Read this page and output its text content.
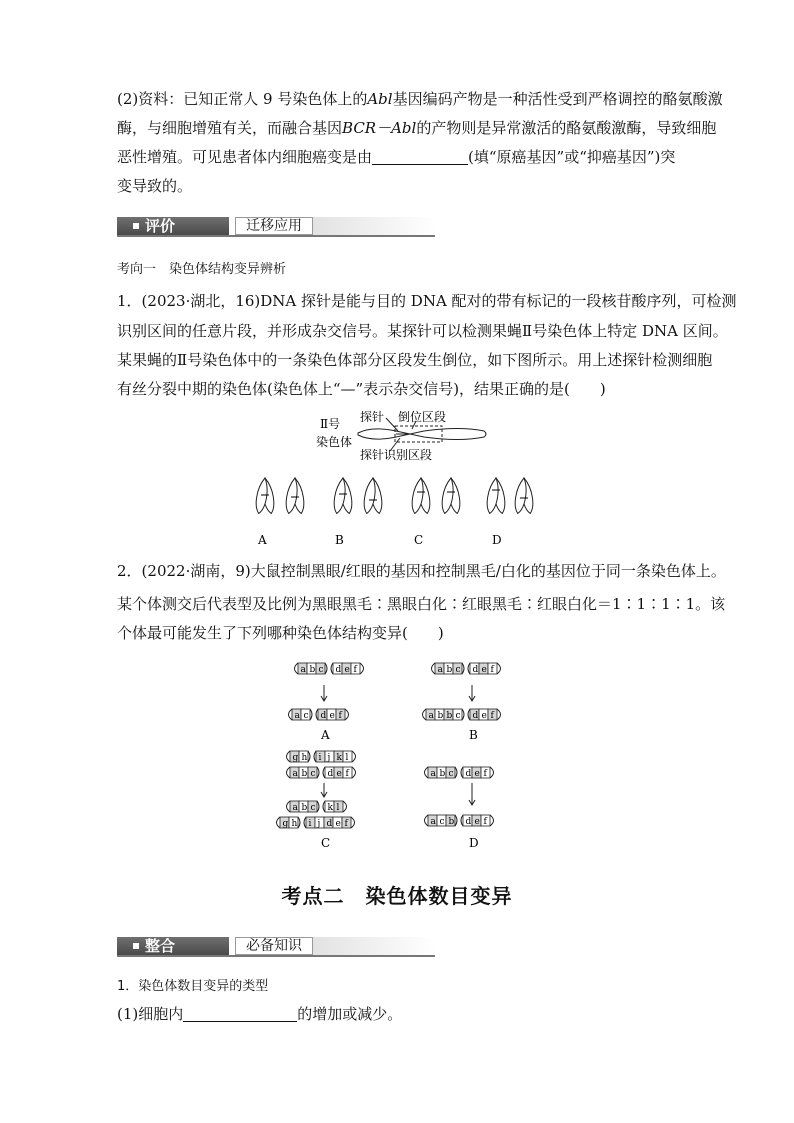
(2)资料：已知正常人 9 号染色体上的Abl基因编码产物是一种活性受到严格调控的酪氨酸激
酶，与细胞增殖有关，而融合基因BCR－Abl的产物则是异常激活的酪氨酸激酶，导致细胞
恶性增殖。可见患者体内细胞癌变是由	(填“原癌基因”或“抑癌基因”)突
变导致的。
评价	迁移应用
考向一　染色体结构变异辨析
1．(2023·湖北，16)DNA 探针是能与目的 DNA 配对的带有标记的一段核苷酸序列，可检测
识别区间的任意片段，并形成杂交信号。某探针可以检测果蝇Ⅱ号染色体上特定 DNA 区间。
某果蝇的Ⅱ号染色体中的一条染色体部分区段发生倒位，如下图所示。用上述探针检测细胞
有丝分裂中期的染色体(染色体上“—”表示杂交信号)，结果正确的是(　　)
Ⅱ号
染色体
探针 倒位区段
探针识别区段
A	B	C	D
2．(2022·湖南，9)大鼠控制黑眼/红眼的基因和控制黑毛/白化的基因位于同一条染色体上。
某个体测交后代表型及比例为黑眼黑毛∶黑眼白化∶红眼黑毛∶红眼白化＝1∶1∶1∶1。该
个体最可能发生了下列哪种染色体结构变异(　　)
a b c d e f
a c d e f
a b c d e f
a b b c d e f
g h i j k l
a b c d e f
a b c k l
g h i j d e f
a b c d e f
a c b d e f
A	B
C	D
考点二　染色体数目变异
整合	必备知识
1．染色体数目变异的类型
(1)细胞内	的增加或减少。
